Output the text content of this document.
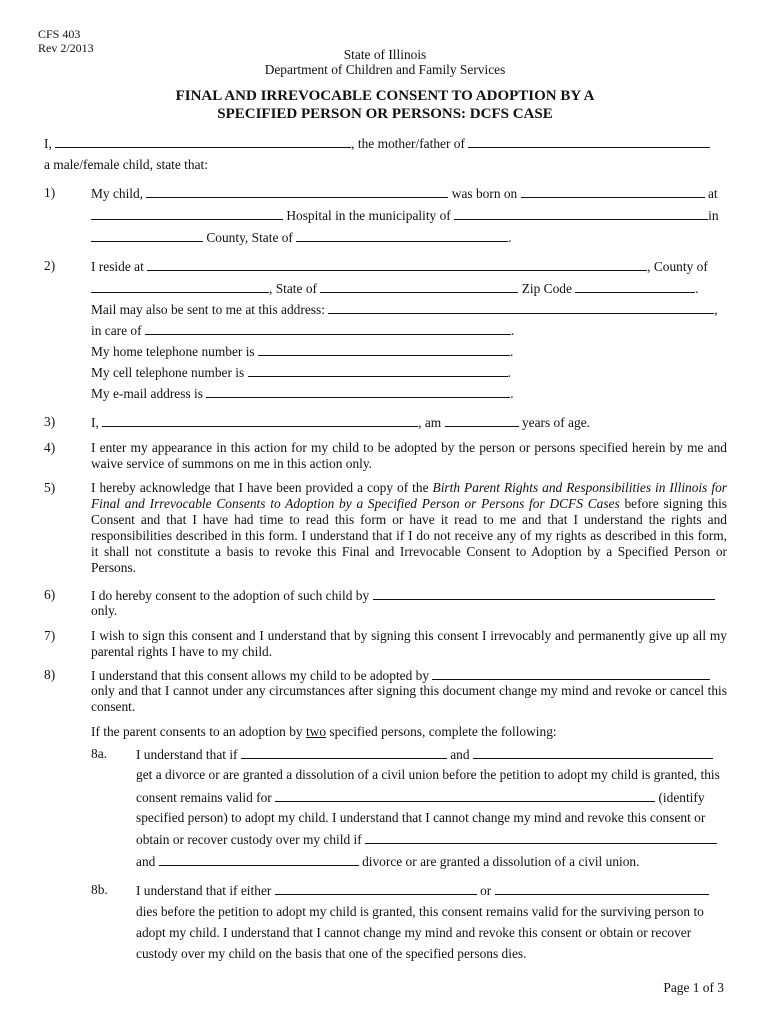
CFS 403
Rev 2/2013	State of Illinois
Department of Children and Family Services
FINAL AND IRREVOCABLE CONSENT TO ADOPTION BY A
SPECIFIED PERSON OR PERSONS: DCFS CASE
I,	, the mother/father of
a male/female child, state that:
1)	My child,	was born on	at
Hospital in the municipality of	in
County, State of	.
2)	I reside at	, County of
, State of	Zip Code	.
Mail may also be sent to me at this address:	,
in care of	.
My home telephone number is	.
My cell telephone number is	.
My e-mail address is	.
3)	I,	, am	years of age.
4)	I enter my appearance in this action for my child to be adopted by the person or persons specified herein by me and waive service of summons on me in this action only.
5)	I hereby acknowledge that I have been provided a copy of the Birth Parent Rights and Responsibilities in Illinois for Final and Irrevocable Consents to Adoption by a Specified Person or Persons for DCFS Cases before signing this Consent and that I have had time to read this form or have it read to me and that I understand the rights and responsibilities described in this form. I understand that if I do not receive any of my rights as described in this form, it shall not constitute a basis to revoke this Final and Irrevocable Consent to Adoption by a Specified Person or Persons.
6)	I do hereby consent to the adoption of such child by
only.
7)	I wish to sign this consent and I understand that by signing this consent I irrevocably and permanently give up all my parental rights I have to my child.
8)	I understand that this consent allows my child to be adopted by
only and that I cannot under any circumstances after signing this document change my mind and revoke or cancel this consent.
If the parent consents to an adoption by two specified persons, complete the following:
8a. I understand that if	and
get a divorce or are granted a dissolution of a civil union before the petition to adopt my child is granted, this
consent remains valid for	(identify
specified person) to adopt my child. I understand that I cannot change my mind and revoke this consent or
obtain or recover custody over my child if
and	divorce or are granted a dissolution of a civil union.
8b. I understand that if either	or
dies before the petition to adopt my child is granted, this consent remains valid for the surviving person to
adopt my child. I understand that I cannot change my mind and revoke this consent or obtain or recover
custody over my child on the basis that one of the specified persons dies.
Page 1 of 3
